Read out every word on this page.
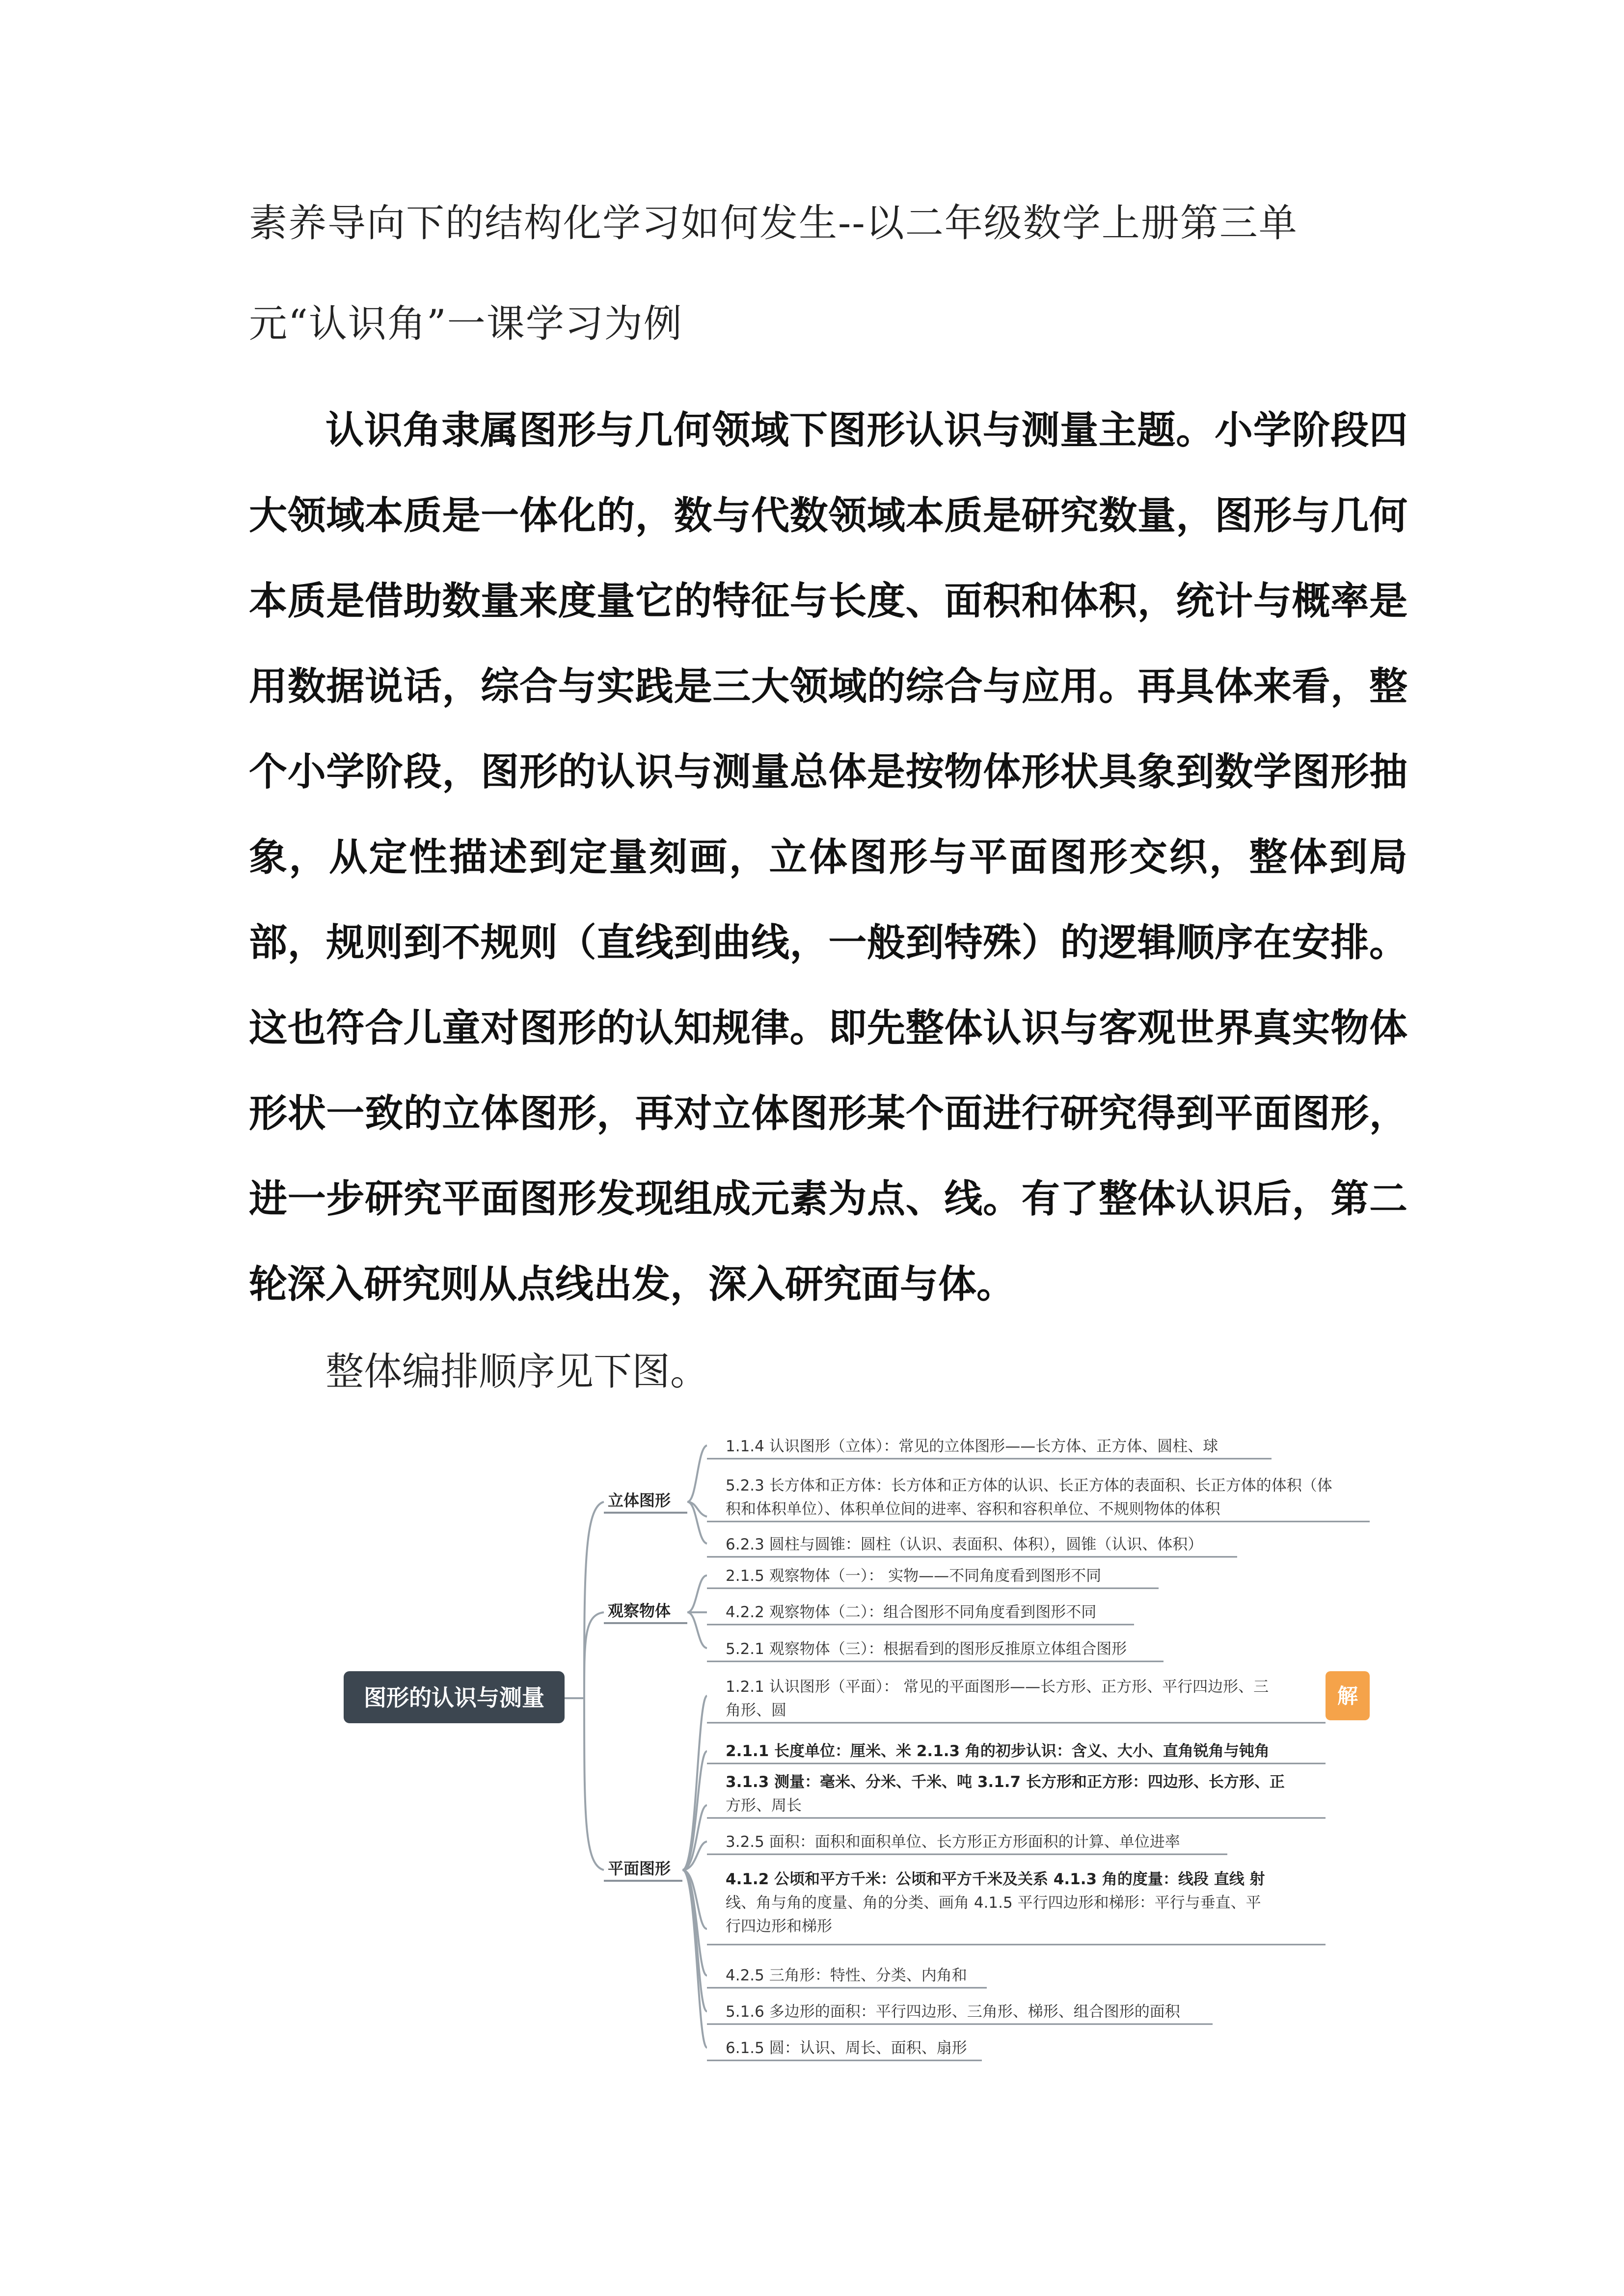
素养导向下的结构化学习如何发生--以二年级数学上册第三单
元“认识角”一课学习为例

认识角隶属图形与几何领域下图形认识与测量主题。小学阶段四大领域本质是一体化的，数与代数领域本质是研究数量，图形与几何本质是借助数量来度量它的特征与长度、面积和体积，统计与概率是用数据说话，综合与实践是三大领域的综合与应用。再具体来看，整个小学阶段，图形的认识与测量总体是按物体形状具象到数学图形抽象，从定性描述到定量刻画，立体图形与平面图形交织，整体到局部，规则到不规则（直线到曲线，一般到特殊）的逻辑顺序在安排。这也符合儿童对图形的认知规律。即先整体认识与客观世界真实物体形状一致的立体图形，再对立体图形某个面进行研究得到平面图形，进一步研究平面图形发现组成元素为点、线。有了整体认识后，第二轮深入研究则从点线出发，深入研究面与体。

整体编排顺序见下图。
图形的认识与测量	解
立体图形
观察物体
平面图形
1.1.4 认识图形（立体）：常见的立体图形——长方体、正方体、圆柱、球
5.2.3 长方体和正方体：长方体和正方体的认识、长正方体的表面积、长正方体的体积（体
积和体积单位）、体积单位间的进率、容积和容积单位、不规则物体的体积
6.2.3 圆柱与圆锥：圆柱（认识、表面积、体积），圆锥（认识、体积）
2.1.5 观察物体（一）： 实物——不同角度看到图形不同
4.2.2 观察物体（二）：组合图形不同角度看到图形不同
5.2.1 观察物体（三）：根据看到的图形反推原立体组合图形
1.2.1 认识图形（平面）： 常见的平面图形——长方形、正方形、平行四边形、三
角形、圆
2.1.1 长度单位：厘米、米 2.1.3 角的初步认识：含义、大小、直角锐角与钝角
3.1.3 测量：毫米、分米、千米、吨 3.1.7 长方形和正方形：四边形、长方形、正
方形、周长
3.2.5 面积：面积和面积单位、长方形正方形面积的计算、单位进率
4.1.2 公顷和平方千米：公顷和平方千米及关系 4.1.3 角的度量：线段 直线 射
线、角与角的度量、角的分类、画角 4.1.5 平行四边形和梯形：平行与垂直、平
行四边形和梯形
4.2.5 三角形：特性、分类、内角和
5.1.6 多边形的面积：平行四边形、三角形、梯形、组合图形的面积
6.1.5 圆：认识、周长、面积、扇形
